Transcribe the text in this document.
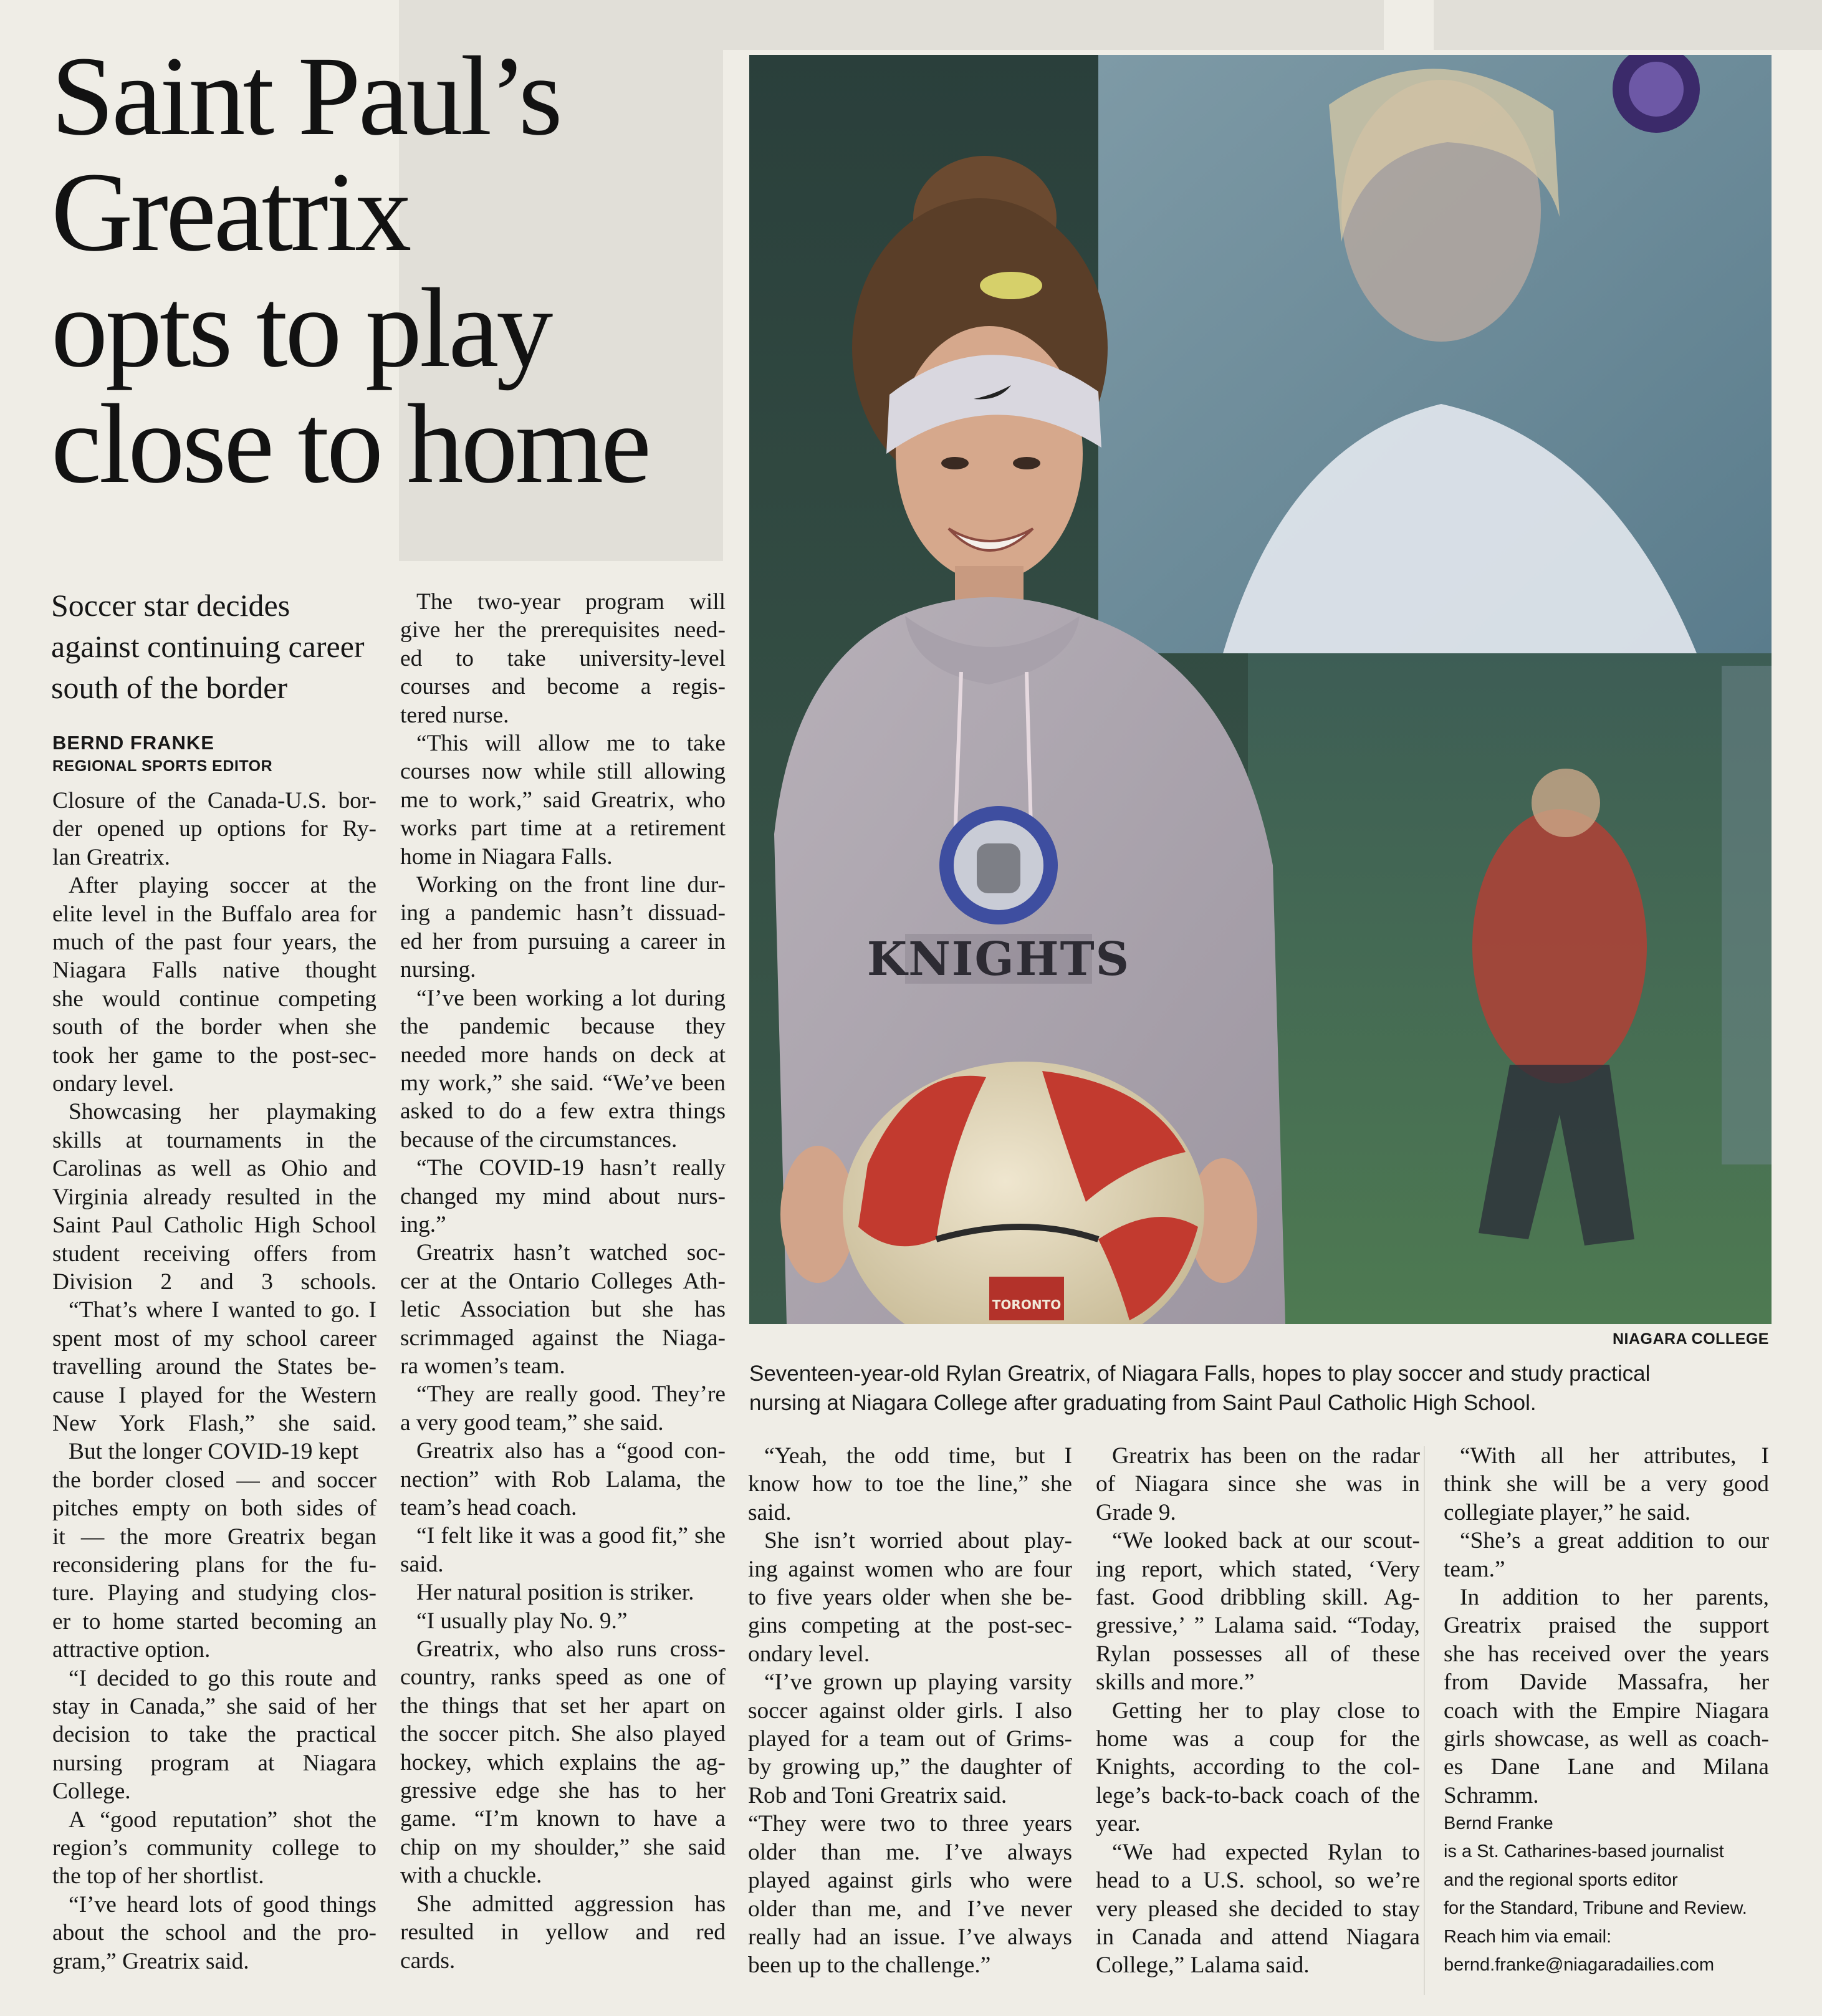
Saint Paul’s
Greatrix
opts to play
close to home
Soccer star decides
against continuing career
south of the border
BERND FRANKE
REGIONAL SPORTS EDITOR
Closure of the Canada-U.S. bor-
der opened up options for Ry-
lan Greatrix.
After playing soccer at the
elite level in the Buffalo area for
much of the past four years, the
Niagara Falls native thought
she would continue competing
south of the border when she
took her game to the post-sec-
ondary level.
Showcasing her playmaking
skills at tournaments in the
Carolinas as well as Ohio and
Virginia already resulted in the
Saint Paul Catholic High School
student receiving offers from
Division 2 and 3 schools.
“That’s where I wanted to go. I
spent most of my school career
travelling around the States be-
cause I played for the Western
New York Flash,” she said.
But the longer COVID-19 kept
the border closed — and soccer
pitches empty on both sides of
it — the more Greatrix began
reconsidering plans for the fu-
ture. Playing and studying clos-
er to home started becoming an
attractive option.
“I decided to go this route and
stay in Canada,” she said of her
decision to take the practical
nursing program at Niagara
College.
A “good reputation” shot the
region’s community college to
the top of her shortlist.
“I’ve heard lots of good things
about the school and the pro-
gram,” Greatrix said.
The two-year program will
give her the prerequisites need-
ed to take university-level
courses and become a regis-
tered nurse.
“This will allow me to take
courses now while still allowing
me to work,” said Greatrix, who
works part time at a retirement
home in Niagara Falls.
Working on the front line dur-
ing a pandemic hasn’t dissuad-
ed her from pursuing a career in
nursing.
“I’ve been working a lot during
the pandemic because they
needed more hands on deck at
my work,” she said. “We’ve been
asked to do a few extra things
because of the circumstances.
“The COVID-19 hasn’t really
changed my mind about nurs-
ing.”
Greatrix hasn’t watched soc-
cer at the Ontario Colleges Ath-
letic Association but she has
scrimmaged against the Niaga-
ra women’s team.
“They are really good. They’re
a very good team,” she said.
Greatrix also has a “good con-
nection” with Rob Lalama, the
team’s head coach.
“I felt like it was a good fit,” she
said.
Her natural position is striker.
“I usually play No. 9.”
Greatrix, who also runs cross-
country, ranks speed as one of
the things that set her apart on
the soccer pitch. She also played
hockey, which explains the ag-
gressive edge she has to her
game. “I’m known to have a
chip on my shoulder,” she said
with a chuckle.
She admitted aggression has
resulted in yellow and red
cards.
“Yeah, the odd time, but I
know how to toe the line,” she
said.
She isn’t worried about play-
ing against women who are four
to five years older when she be-
gins competing at the post-sec-
ondary level.
“I’ve grown up playing varsity
soccer against older girls. I also
played for a team out of Grims-
by growing up,” the daughter of
Rob and Toni Greatrix said.
“They were two to three years
older than me. I’ve always
played against girls who were
older than me, and I’ve never
really had an issue. I’ve always
been up to the challenge.”
Greatrix has been on the radar
of Niagara since she was in
Grade 9.
“We looked back at our scout-
ing report, which stated, ‘Very
fast. Good dribbling skill. Ag-
gressive,’ ” Lalama said. “Today,
Rylan possesses all of these
skills and more.”
Getting her to play close to
home was a coup for the
Knights, according to the col-
lege’s back-to-back coach of the
year.
“We had expected Rylan to
head to a U.S. school, so we’re
very pleased she decided to stay
in Canada and attend Niagara
College,” Lalama said.
“With all her attributes, I
think she will be a very good
collegiate player,” he said.
“She’s a great addition to our
team.”
In addition to her parents,
Greatrix praised the support
she has received over the years
from Davide Massafra, her
coach with the Empire Niagara
girls showcase, as well as coach-
es Dane Lane and Milana
Schramm.
Bernd Franke
is a St. Catharines-based journalist
and the regional sports editor
for the Standard, Tribune and Review.
Reach him via email:
bernd.franke@niagaradailies.com
KNIGHTS
TORONTO
NIAGARA COLLEGE
Seventeen-year-old Rylan Greatrix, of Niagara Falls, hopes to play soccer and study practical
nursing at Niagara College after graduating from Saint Paul Catholic High School.
